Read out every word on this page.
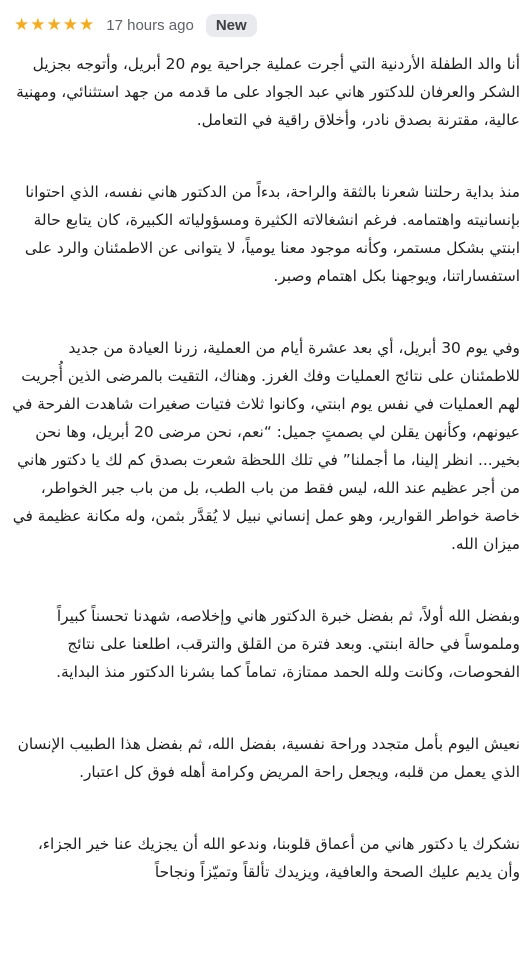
★ ★ ★ ★ ★ 17 hours ago	New

أنا والد الطفلة الأردنية التي أجرت عملية جراحية يوم 20 أبريل، وأتوجه بجزيل الشكر والعرفان للدكتور هاني عبد الجواد على ما قدمه من جهد استثنائي، ومهنية عالية، مقترنة بصدق نادر، وأخلاق راقية في التعامل.

منذ بداية رحلتنا شعرنا بالثقة والراحة، بدءاً من الدكتور هاني نفسه، الذي احتوانا بإنسانيته واهتمامه. فرغم انشغالاته الكثيرة ومسؤولياته الكبيرة، كان يتابع حالة ابنتي بشكل مستمر، وكأنه موجود معنا يومياً، لا يتوانى عن الاطمئنان والرد على استفساراتنا، ويوجهنا بكل اهتمام وصبر.

وفي يوم 30 أبريل، أي بعد عشرة أيام من العملية، زرنا العيادة من جديد للاطمئنان على نتائج العمليات وفك الغرز. وهناك، التقيت بالمرضى الذين أُجريت لهم العمليات في نفس يوم ابنتي، وكانوا ثلاث فتيات صغيرات شاهدت الفرحة في عيونهم، وكأنهن يقلن لي بصمتٍ جميل: “نعم، نحن مرضى 20 أبريل، وها نحن بخير... انظر إلينا، ما أجملنا” في تلك اللحظة شعرت بصدق كم لك يا دكتور هاني من أجر عظيم عند الله، ليس فقط من باب الطب، بل من باب جبر الخواطر، خاصة خواطر القوارير، وهو عمل إنساني نبيل لا يُقدَّر بثمن، وله مكانة عظيمة في ميزان الله.

وبفضل الله أولاً، ثم بفضل خبرة الدكتور هاني وإخلاصه، شهدنا تحسناً كبيراً وملموساً في حالة ابنتي. وبعد فترة من القلق والترقب، اطلعنا على نتائج الفحوصات، وكانت ولله الحمد ممتازة، تماماً كما بشرنا الدكتور منذ البداية.

نعيش اليوم بأمل متجدد وراحة نفسية، بفضل الله، ثم بفضل هذا الطبيب الإنسان الذي يعمل من قلبه، ويجعل راحة المريض وكرامة أهله فوق كل اعتبار.

نشكرك يا دكتور هاني من أعماق قلوبنا، وندعو الله أن يجزيك عنا خير الجزاء، وأن يديم عليك الصحة والعافية، ويزيدك تألقاً وتميّزاً ونجاحاً
